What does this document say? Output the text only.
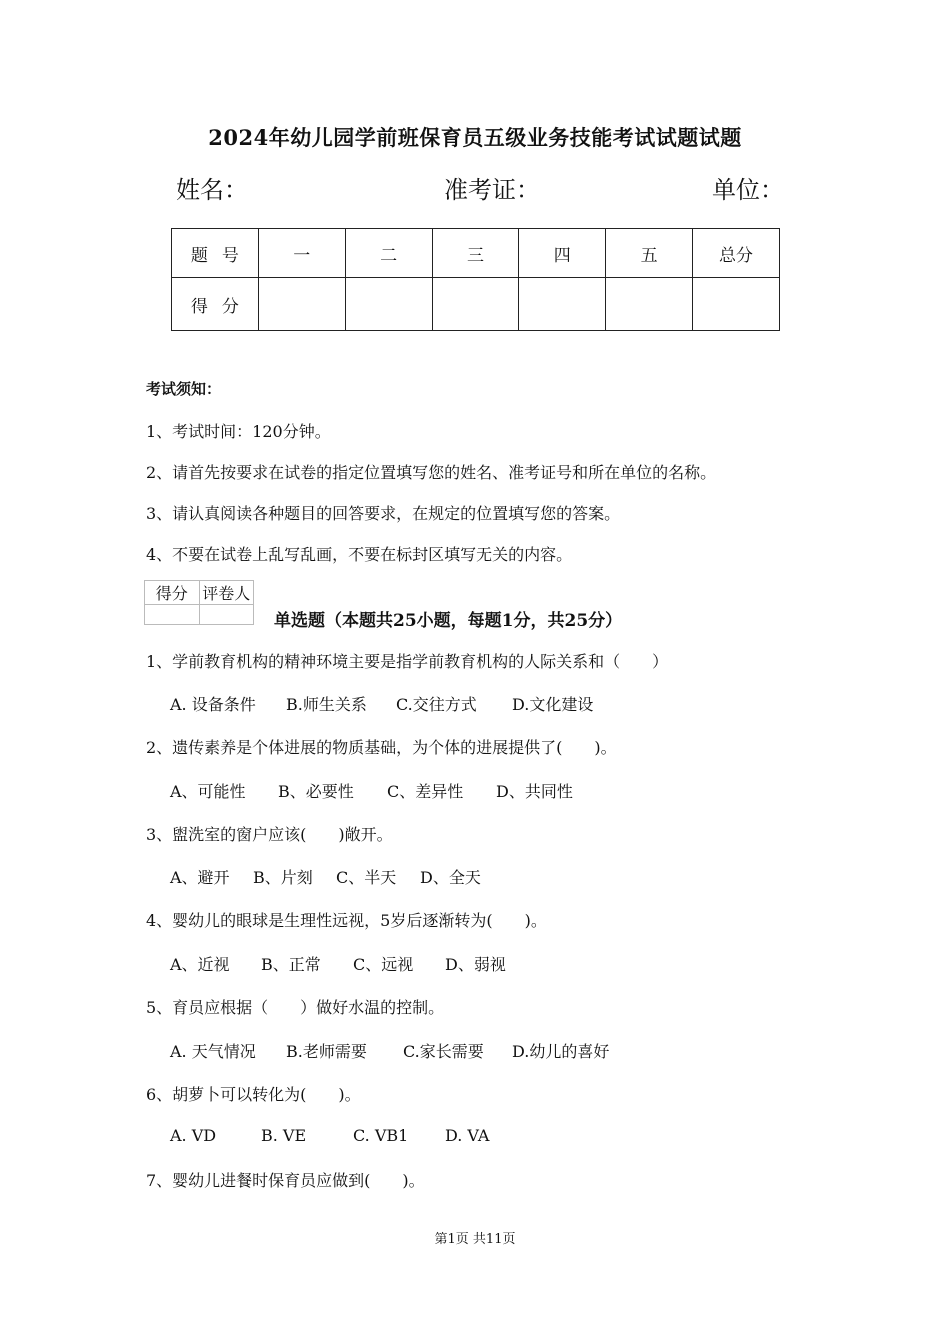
2024年幼儿园学前班保育员五级业务技能考试试题试题
姓名：	准考证：	单位：
题号	一	二	三	四	五	总分
得分						
考试须知：
1、考试时间：120分钟。
2、请首先按要求在试卷的指定位置填写您的姓名、准考证号和所在单位的名称。
3、请认真阅读各种题目的回答要求，在规定的位置填写您的答案。
4、不要在试卷上乱写乱画，不要在标封区填写无关的内容。
得分	评卷人

单选题（本题共25小题，每题1分，共25分）
1、学前教育机构的精神环境主要是指学前教育机构的人际关系和（　　）
A. 设备条件 B.师生关系 C.交往方式 D.文化建设
2、遗传素养是个体进展的物质基础，为个体的进展提供了(　　)。
A、可能性 B、必要性 C、差异性 D、共同性
3、盥洗室的窗户应该(　　)敞开。
A、避开 B、片刻 C、半天 D、全天
4、婴幼儿的眼球是生理性远视，5岁后逐渐转为(　　)。
A、近视 B、正常 C、远视 D、弱视
5、育员应根据（　　）做好水温的控制。
A. 天气情况 B.老师需要 C.家长需要 D.幼儿的喜好
6、胡萝卜可以转化为(　　)。
A. VD	B. VE	C. VB1 D. VA
7、婴幼儿进餐时保育员应做到(　　)。
第1页 共11页
